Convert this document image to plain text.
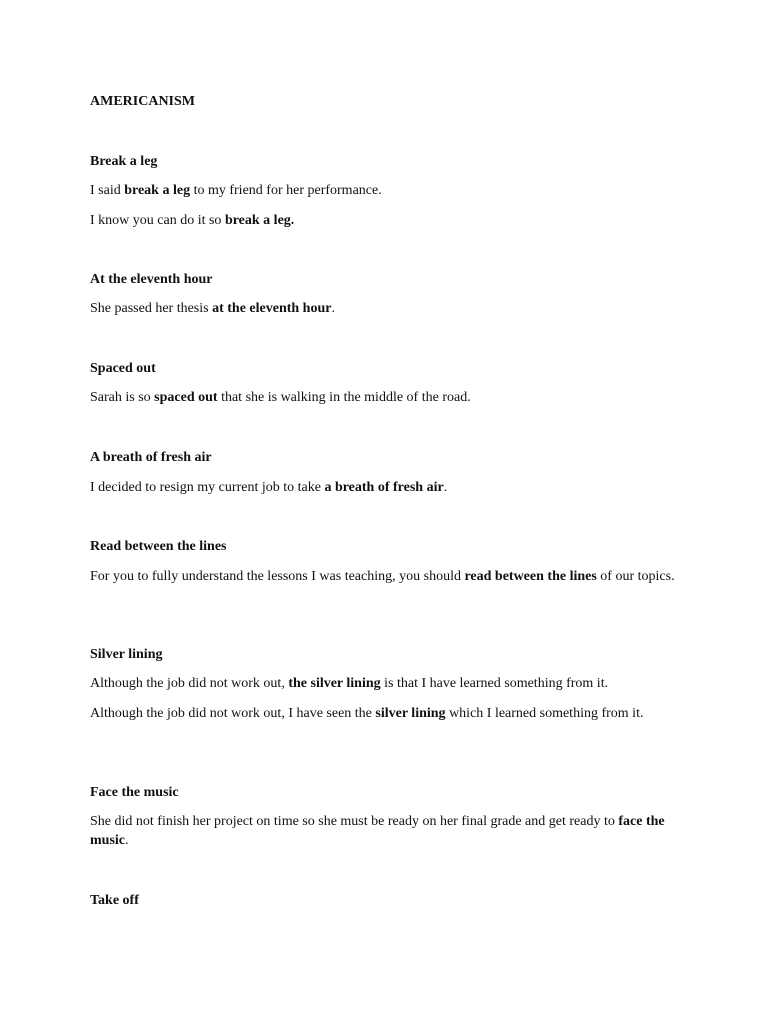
AMERICANISM
Break a leg

I said break a leg to my friend for her performance.

I know you can do it so break a leg.

At the eleventh hour

She passed her thesis at the eleventh hour.

Spaced out

Sarah is so spaced out that she is walking in the middle of the road.

A breath of fresh air

I decided to resign my current job to take a breath of fresh air.

Read between the lines

For you to fully understand the lessons I was teaching, you should read between the lines of our topics.

Silver lining

Although the job did not work out, the silver lining is that I have learned something from it.

Although the job did not work out, I have seen the silver lining which I learned something from it.

Face the music

She did not finish her project on time so she must be ready on her final grade and get ready to face the music.

Take off
